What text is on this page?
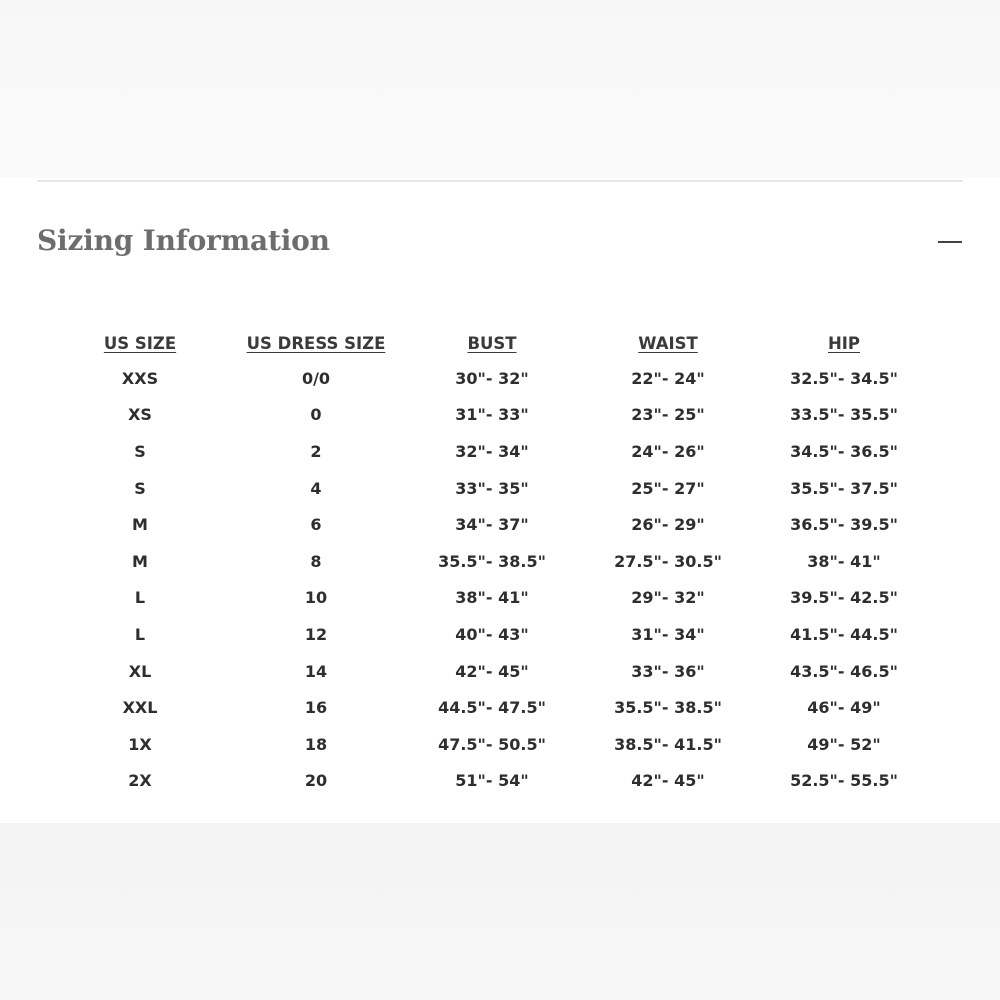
Sizing Information
US SIZE	US DRESS SIZE	BUST	WAIST	HIP
XXS	0/0	30"- 32"	22"- 24"	32.5"- 34.5"
XS	0	31"- 33"	23"- 25"	33.5"- 35.5"
S	2	32"- 34"	24"- 26"	34.5"- 36.5"
S	4	33"- 35"	25"- 27"	35.5"- 37.5"
M	6	34"- 37"	26"- 29"	36.5"- 39.5"
M	8	35.5"- 38.5"	27.5"- 30.5"	38"- 41"
L	10	38"- 41"	29"- 32"	39.5"- 42.5"
L	12	40"- 43"	31"- 34"	41.5"- 44.5"
XL	14	42"- 45"	33"- 36"	43.5"- 46.5"
XXL	16	44.5"- 47.5"	35.5"- 38.5"	46"- 49"
1X	18	47.5"- 50.5"	38.5"- 41.5"	49"- 52"
2X	20	51"- 54"	42"- 45"	52.5"- 55.5"
